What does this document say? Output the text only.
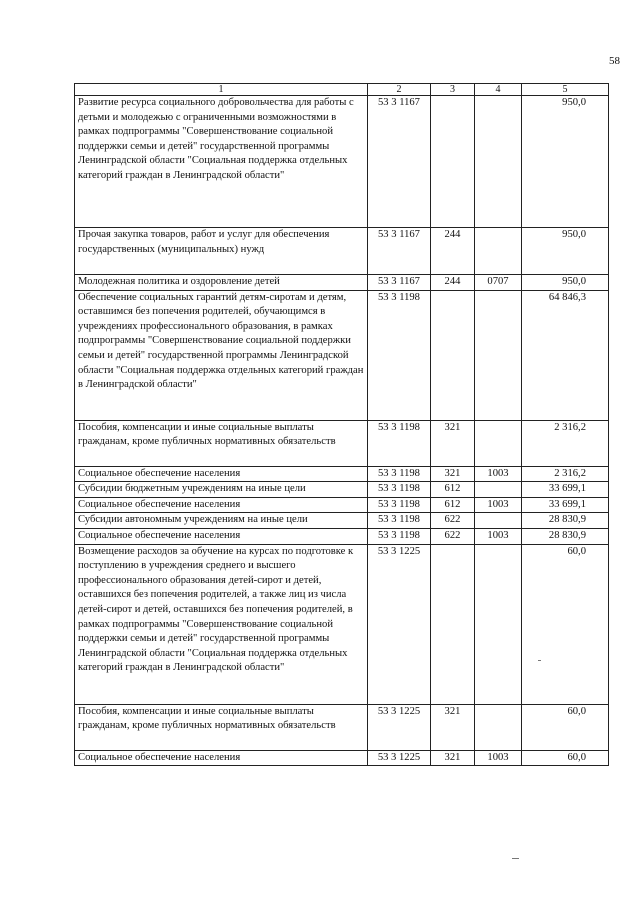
58
1	2	3	4	5
Развитие ресурса социального добровольчества для работы с детьми и молодежью с ограниченными возможностями в рамках подпрограммы "Совершенствование социальной поддержки семьи и детей" государственной программы Ленинградской области "Социальная поддержка отдельных категорий граждан в Ленинградской области"	53 3 1167			950,0
Прочая закупка товаров, работ и услуг для обеспечения государственных (муниципальных) нужд	53 3 1167	244		950,0
Молодежная политика и оздоровление детей	53 3 1167	244	0707	950,0
Обеспечение социальных гарантий детям-сиротам и детям, оставшимся без попечения родителей, обучающимся в учреждениях профессионального образования, в рамках подпрограммы "Совершенствование социальной поддержки семьи и детей" государственной программы Ленинградской области "Социальная поддержка отдельных категорий граждан в Ленинградской области"	53 3 1198			64 846,3
Пособия, компенсации и иные социальные выплаты гражданам, кроме публичных нормативных обязательств	53 3 1198	321		2 316,2
Социальное обеспечение населения	53 3 1198	321	1003	2 316,2
Субсидии бюджетным учреждениям на иные цели	53 3 1198	612		33 699,1
Социальное обеспечение населения	53 3 1198	612	1003	33 699,1
Субсидии автономным учреждениям на иные цели	53 3 1198	622		28 830,9
Социальное обеспечение населения	53 3 1198	622	1003	28 830,9
Возмещение расходов за обучение на курсах по подготовке к поступлению в учреждения среднего и высшего профессионального образования детей-сирот и детей, оставшихся без попечения родителей, а также лиц из числа детей-сирот и детей, оставшихся без попечения родителей, в рамках подпрограммы "Совершенствование социальной поддержки семьи и детей" государственной программы Ленинградской области "Социальная поддержка отдельных категорий граждан в Ленинградской области"	53 3 1225			60,0
Пособия, компенсации и иные социальные выплаты гражданам, кроме публичных нормативных обязательств	53 3 1225	321		60,0
Социальное обеспечение населения	53 3 1225	321	1003	60,0
